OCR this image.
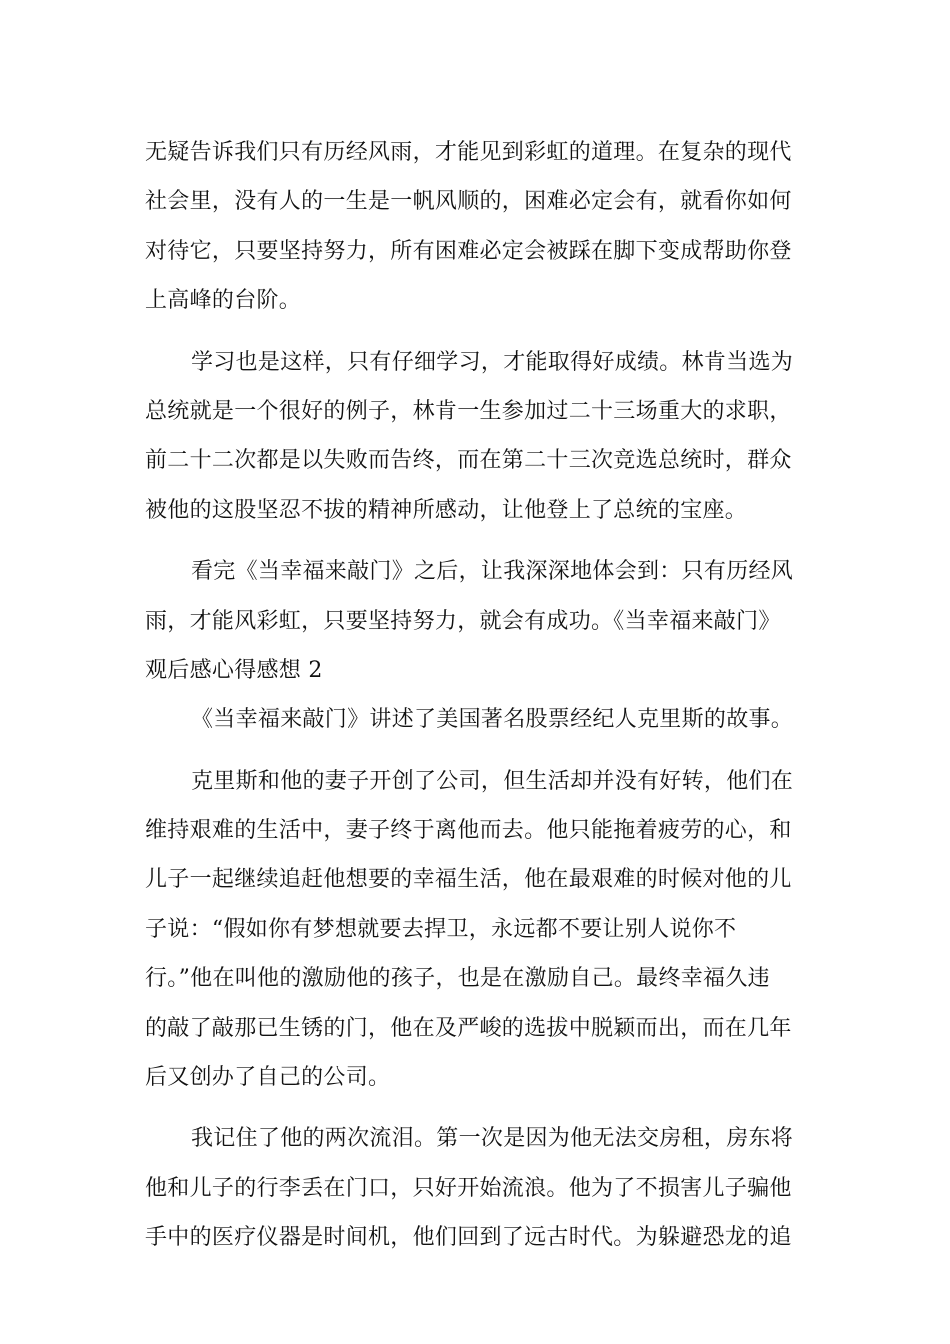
无疑告诉我们只有历经风雨，才能见到彩虹的道理。在复杂的现代
社会里，没有人的一生是一帆风顺的，困难必定会有，就看你如何
对待它，只要坚持努力，所有困难必定会被踩在脚下变成帮助你登
上高峰的台阶。
学习也是这样，只有仔细学习，才能取得好成绩。林肯当选为
总统就是一个很好的例子，林肯一生参加过二十三场重大的求职，
前二十二次都是以失败而告终，而在第二十三次竞选总统时，群众
被他的这股坚忍不拔的精神所感动，让他登上了总统的宝座。
看完《当幸福来敲门》之后，让我深深地体会到：只有历经风
雨，才能风彩虹，只要坚持努力，就会有成功。《当幸福来敲门》
观后感心得感想 2
《当幸福来敲门》讲述了美国著名股票经纪人克里斯的故事。
克里斯和他的妻子开创了公司，但生活却并没有好转，他们在
维持艰难的生活中，妻子终于离他而去。他只能拖着疲劳的心，和
儿子一起继续追赶他想要的幸福生活，他在最艰难的时候对他的儿
子说：“假如你有梦想就要去捍卫，永远都不要让别人说你不
行。”他在叫他的激励他的孩子，也是在激励自己。最终幸福久违
的敲了敲那已生锈的门，他在及严峻的选拔中脱颖而出，而在几年
后又创办了自己的公司。
我记住了他的两次流泪。第一次是因为他无法交房租，房东将
他和儿子的行李丢在门口，只好开始流浪。他为了不损害儿子骗他
手中的医疗仪器是时间机，他们回到了远古时代。为躲避恐龙的追
